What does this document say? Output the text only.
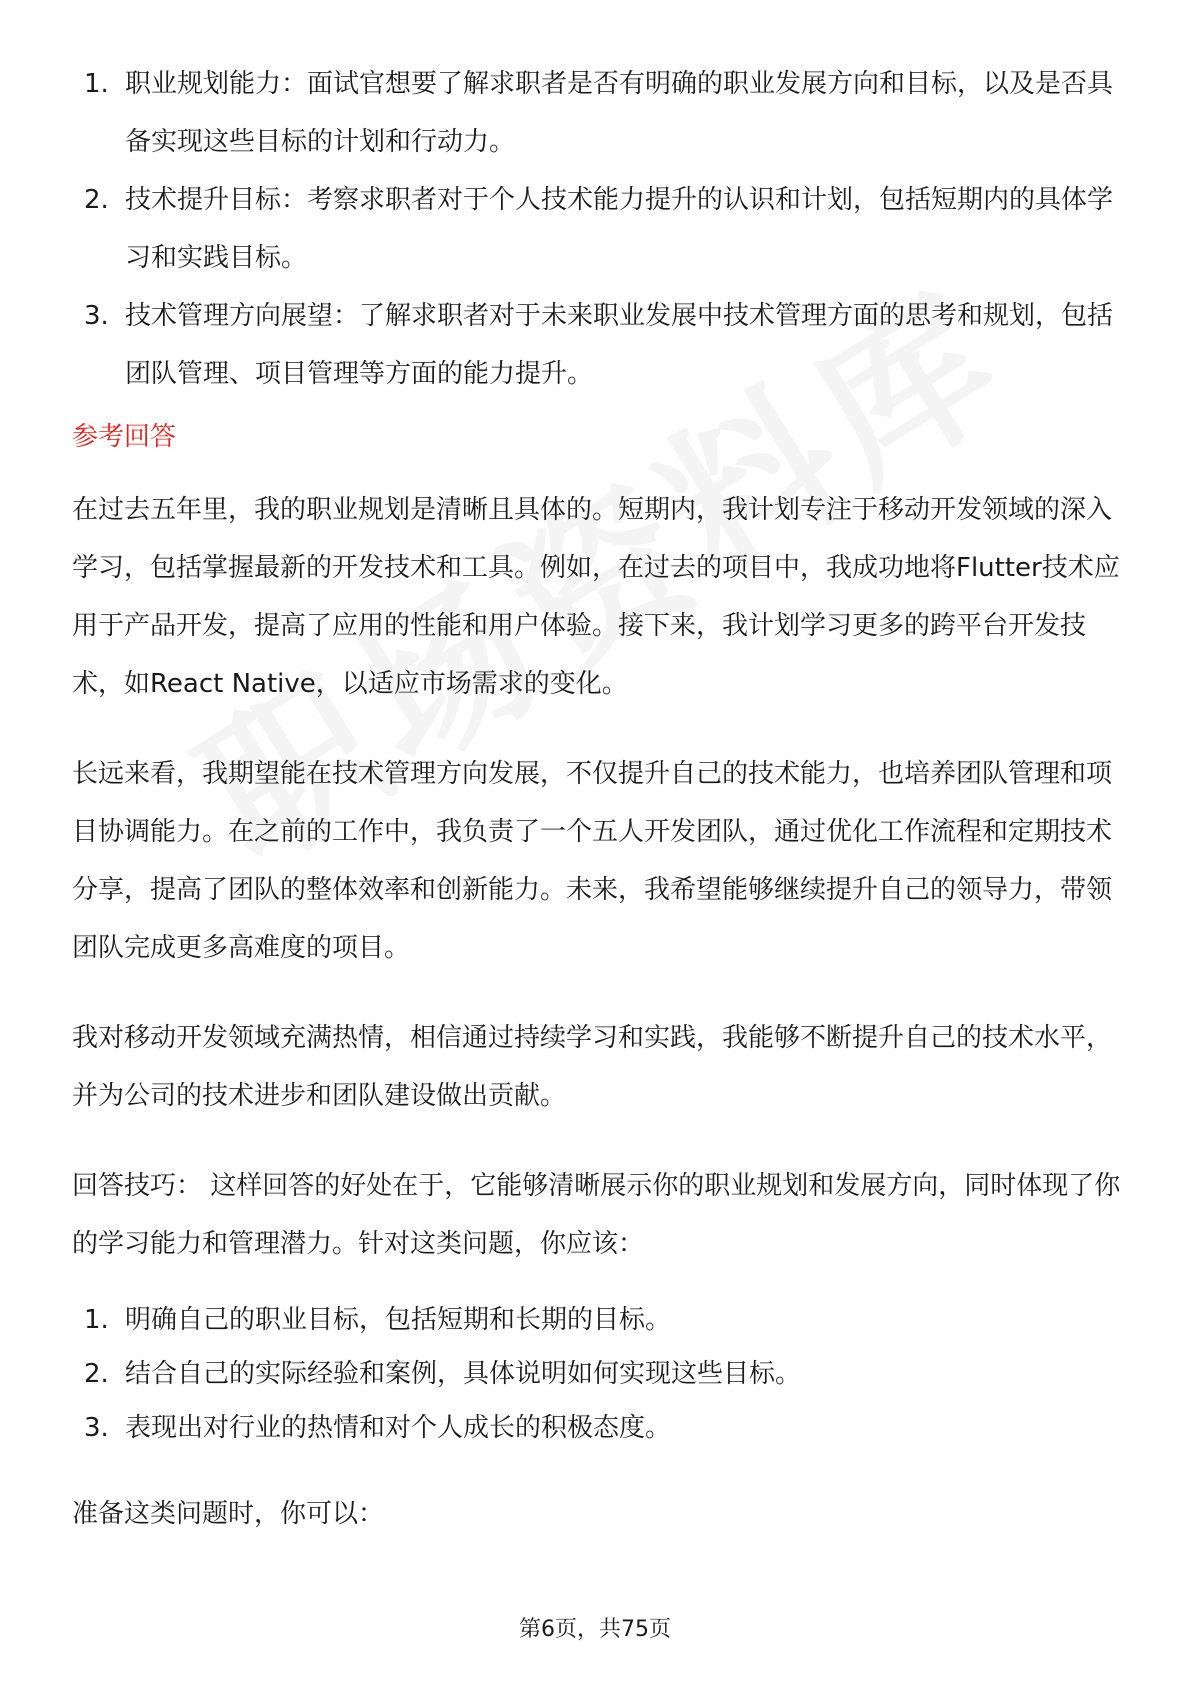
1. 职业规划能力：面试官想要了解求职者是否有明确的职业发展方向和目标，以及是否具备实现这些目标的计划和行动力。
2. 技术提升目标：考察求职者对于个人技术能力提升的认识和计划，包括短期内的具体学习和实践目标。
3. 技术管理方向展望：了解求职者对于未来职业发展中技术管理方面的思考和规划，包括团队管理、项目管理等方面的能力提升。
参考回答

在过去五年里，我的职业规划是清晰且具体的。短期内，我计划专注于移动开发领域的深入学习，包括掌握最新的开发技术和工具。例如，在过去的项目中，我成功地将Flutter技术应用于产品开发，提高了应用的性能和用户体验。接下来，我计划学习更多的跨平台开发技术，如React Native，以适应市场需求的变化。

长远来看，我期望能在技术管理方向发展，不仅提升自己的技术能力，也培养团队管理和项目协调能力。在之前的工作中，我负责了一个五人开发团队，通过优化工作流程和定期技术分享，提高了团队的整体效率和创新能力。未来，我希望能够继续提升自己的领导力，带领团队完成更多高难度的项目。

我对移动开发领域充满热情，相信通过持续学习和实践，我能够不断提升自己的技术水平，并为公司的技术进步和团队建设做出贡献。

回答技巧： 这样回答的好处在于，它能够清晰展示你的职业规划和发展方向，同时体现了你的学习能力和管理潜力。针对这类问题，你应该：

1. 明确自己的职业目标，包括短期和长期的目标。
2. 结合自己的实际经验和案例，具体说明如何实现这些目标。
3. 表现出对行业的热情和对个人成长的积极态度。

准备这类问题时，你可以：

第6页，共75页
